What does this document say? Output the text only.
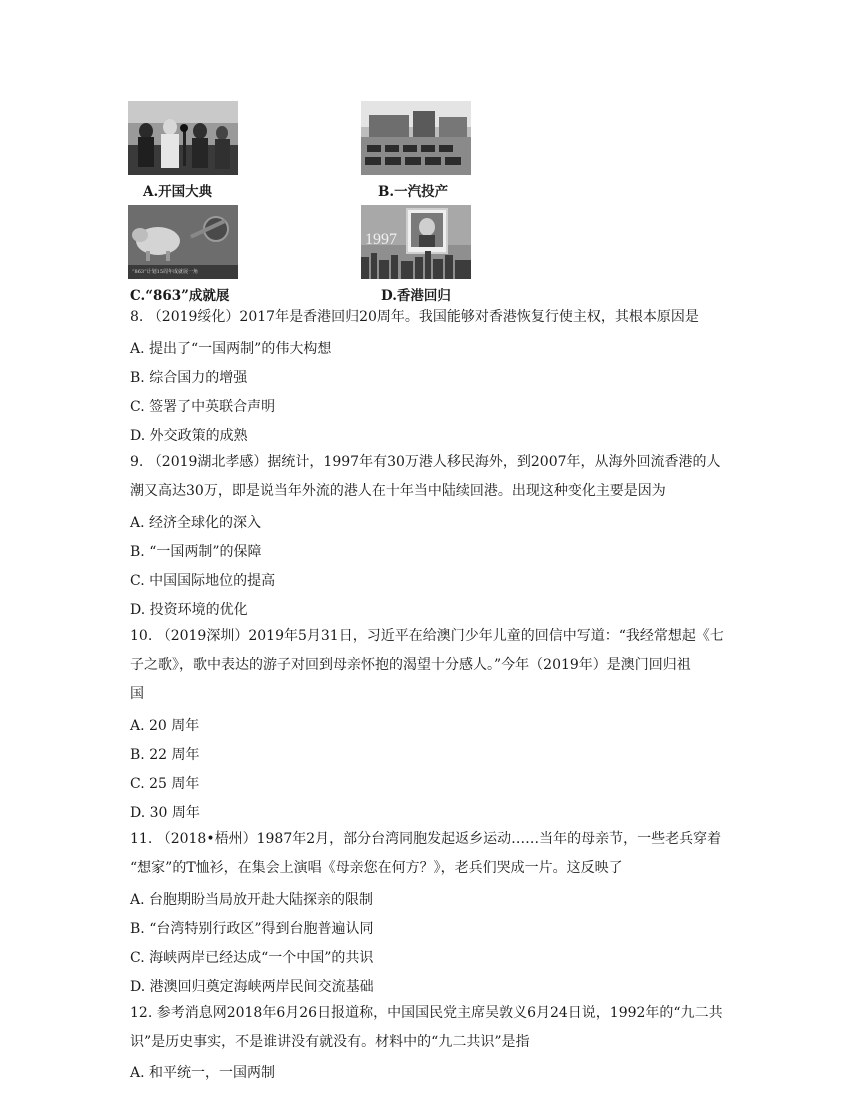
A.开国大典	B.一汽投产
“863”计划15周年成就展一角
C.“863”成就展
1997
D.香港回归
8. （2019绥化）2017年是香港回归20周年。我国能够对香港恢复行使主权，其根本原因是
A. 提出了“一国两制”的伟大构想
B. 综合国力的增强
C. 签署了中英联合声明
D. 外交政策的成熟
9. （2019湖北孝感）据统计，1997年有30万港人移民海外，到2007年，从海外回流香港的人
潮又高达30万，即是说当年外流的港人在十年当中陆续回港。出现这种变化主要是因为
A. 经济全球化的深入
B. “一国两制”的保障
C. 中国国际地位的提高
D. 投资环境的优化
10. （2019深圳）2019年5月31日，习近平在给澳门少年儿童的回信中写道：“我经常想起《七
子之歌》，歌中表达的游子对回到母亲怀抱的渴望十分感人。”今年（2019年）是澳门回归祖
国
A. 20 周年
B. 22 周年
C. 25 周年
D. 30 周年
11. （2018•梧州）1987年2月，部分台湾同胞发起返乡运动……当年的母亲节，一些老兵穿着
“想家”的T恤衫，在集会上演唱《母亲您在何方？》，老兵们哭成一片。这反映了
A. 台胞期盼当局放开赴大陆探亲的限制
B. “台湾特别行政区”得到台胞普遍认同
C. 海峡两岸已经达成“一个中国”的共识
D. 港澳回归奠定海峡两岸民间交流基础
12. 参考消息网2018年6月26日报道称，中国国民党主席吴敦义6月24日说，1992年的“九二共
识”是历史事实，不是谁讲没有就没有。材料中的“九二共识”是指
A. 和平统一，一国两制
